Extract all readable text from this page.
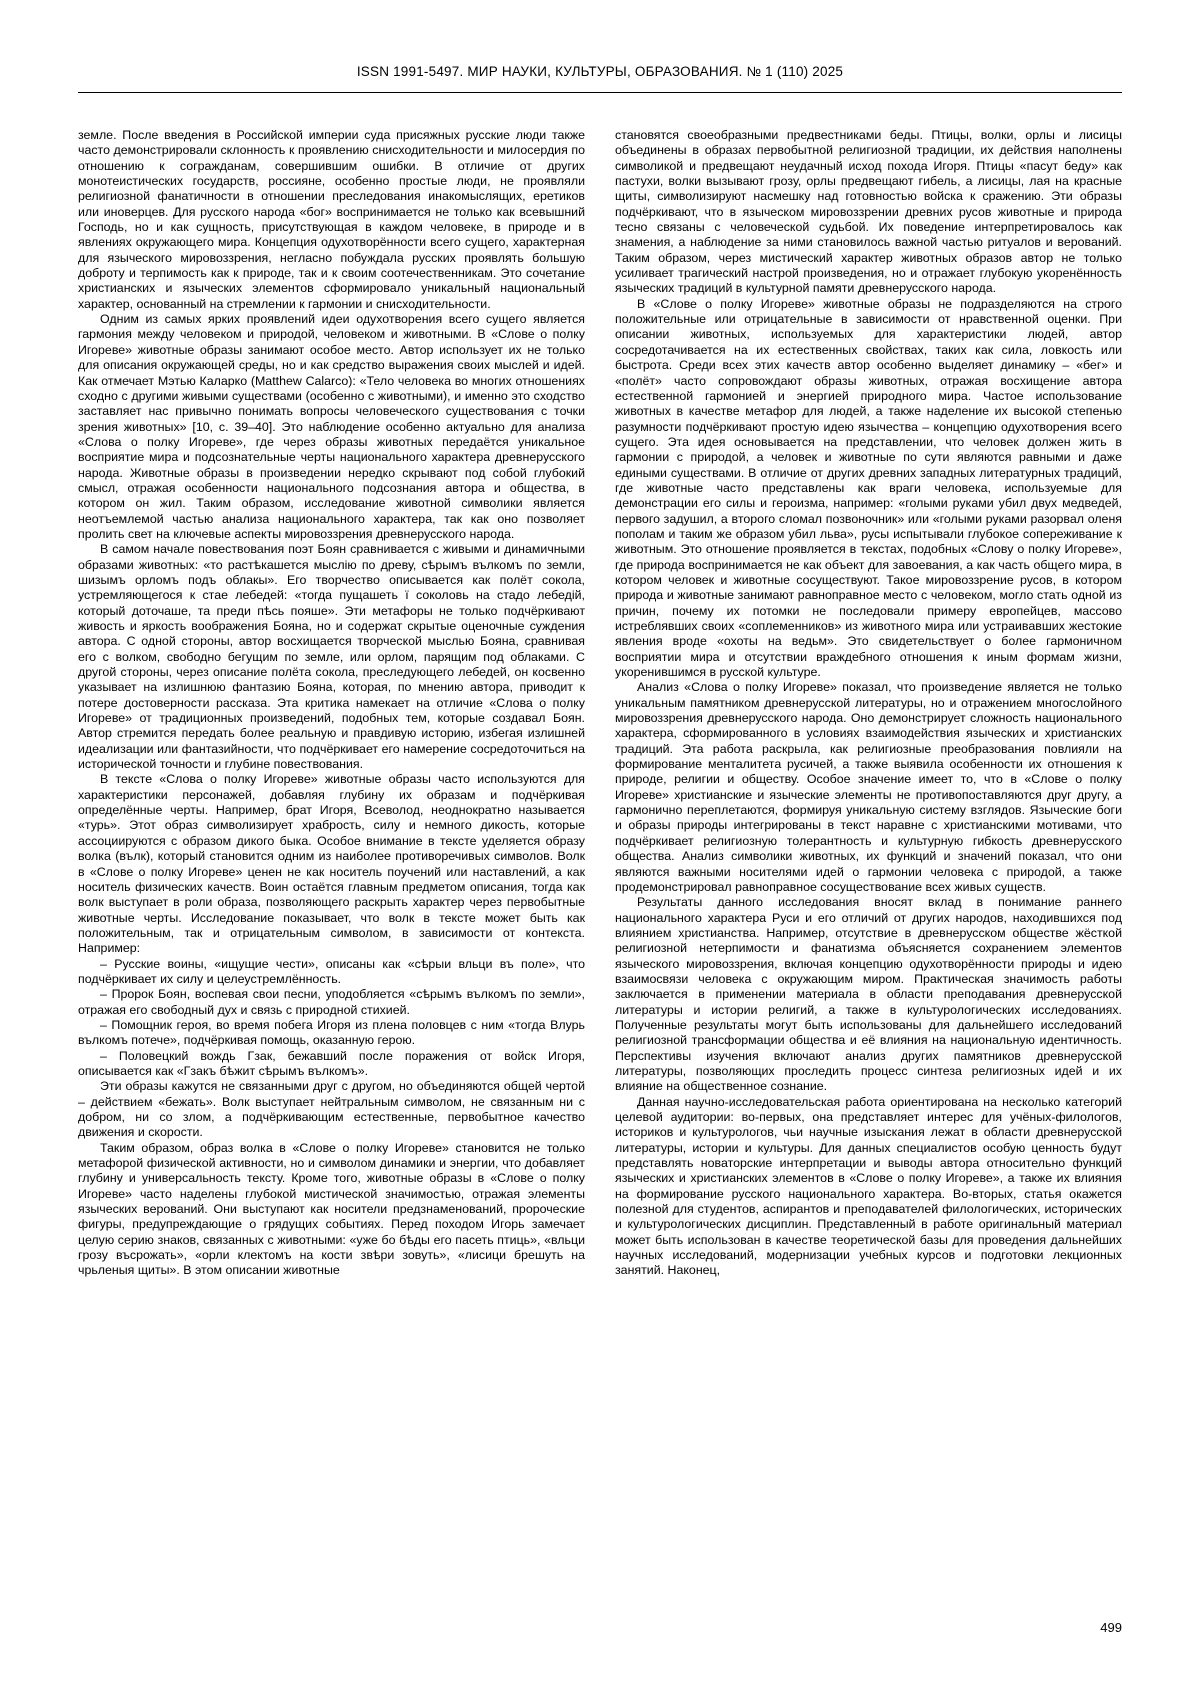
ISSN 1991-5497. МИР НАУКИ, КУЛЬТУРЫ, ОБРАЗОВАНИЯ. № 1 (110) 2025

земле. После введения в Российской империи суда присяжных русские люди также часто демонстрировали склонность к проявлению снисходительности и милосердия по отношению к согражданам, совершившим ошибки. В отличие от других монотеистических государств, россияне, особенно простые люди, не проявляли религиозной фанатичности в отношении преследования инакомыслящих, еретиков или иноверцев. Для русского народа «бог» воспринимается не только как всевышний Господь, но и как сущность, присутствующая в каждом человеке, в природе и в явлениях окружающего мира. Концепция одухотворённости всего сущего, характерная для языческого мировоззрения, негласно побуждала русских проявлять большую доброту и терпимость как к природе, так и к своим соотечественникам. Это сочетание христианских и языческих элементов сформировало уникальный национальный характер, основанный на стремлении к гармонии и снисходительности.

Одним из самых ярких проявлений идеи одухотворения всего сущего является гармония между человеком и природой, человеком и животными. В «Слове о полку Игореве» животные образы занимают особое место. Автор использует их не только для описания окружающей среды, но и как средство выражения своих мыслей и идей. Как отмечает Мэтью Каларко (Matthew Calarco): «Тело человека во многих отношениях сходно с другими живыми существами (особенно с животными), и именно это сходство заставляет нас привычно понимать вопросы человеческого существования с точки зрения животных» [10, с. 39–40]. Это наблюдение особенно актуально для анализа «Слова о полку Игореве», где через образы животных передаётся уникальное восприятие мира и подсознательные черты национального характера древнерусского народа. Животные образы в произведении нередко скрывают под собой глубокий смысл, отражая особенности национального подсознания автора и общества, в котором он жил. Таким образом, исследование животной символики является неотъемлемой частью анализа национального характера, так как оно позволяет пролить свет на ключевые аспекты мировоззрения древнерусского народа.

В самом начале повествования поэт Боян сравнивается с живыми и динамичными образами животных: «то растѣкашется мыслію по древу, сѣрымъ вълкомъ по земли, шизымъ орломъ подъ облакы». Его творчество описывается как полёт сокола, устремляющегося к стае лебедей: «тогда пущашеть ї соколовь на стадо лебедій, который доточаше, та преди пѣсь пояше». Эти метафоры не только подчёркивают живость и яркость воображения Бояна, но и содержат скрытые оценочные суждения автора. С одной стороны, автор восхищается творческой мыслью Бояна, сравнивая его с волком, свободно бегущим по земле, или орлом, парящим под облаками. С другой стороны, через описание полёта сокола, преследующего лебедей, он косвенно указывает на излишнюю фантазию Бояна, которая, по мнению автора, приводит к потере достоверности рассказа. Эта критика намекает на отличие «Слова о полку Игореве» от традиционных произведений, подобных тем, которые создавал Боян. Автор стремится передать более реальную и правдивую историю, избегая излишней идеализации или фантазийности, что подчёркивает его намерение сосредоточиться на исторической точности и глубине повествования.

В тексте «Слова о полку Игореве» животные образы часто используются для характеристики персонажей, добавляя глубину их образам и подчёркивая определённые черты. Например, брат Игоря, Всеволод, неоднократно называется «турь». Этот образ символизирует храбрость, силу и немного дикость, которые ассоциируются с образом дикого быка. Особое внимание в тексте уделяется образу волка (вълк), который становится одним из наиболее противоречивых символов. Волк в «Слове о полку Игореве» ценен не как носитель поучений или наставлений, а как носитель физических качеств. Воин остаётся главным предметом описания, тогда как волк выступает в роли образа, позволяющего раскрыть характер через первобытные животные черты. Исследование показывает, что волк в тексте может быть как положительным, так и отрицательным символом, в зависимости от контекста. Например:

– Русские воины, «ищущие чести», описаны как «сѣрыи вльци въ поле», что подчёркивает их силу и целеустремлённость.

– Пророк Боян, воспевая свои песни, уподобляется «сѣрымъ вълкомъ по земли», отражая его свободный дух и связь с природной стихией.

– Помощник героя, во время побега Игоря из плена половцев с ним «тогда Влурь вълкомъ потече», подчёркивая помощь, оказанную герою.

– Половецкий вождь Гзак, бежавший после поражения от войск Игоря, описывается как «Гзакъ бѣжит сѣрымъ вълкомъ».

Эти образы кажутся не связанными друг с другом, но объединяются общей чертой – действием «бежать». Волк выступает нейтральным символом, не связанным ни с добром, ни со злом, а подчёркивающим естественные, первобытное качество движения и скорости.

Таким образом, образ волка в «Слове о полку Игореве» становится не только метафорой физической активности, но и символом динамики и энергии, что добавляет глубину и универсальность тексту. Кроме того, животные образы в «Слове о полку Игореве» часто наделены глубокой мистической значимостью, отражая элементы языческих верований. Они выступают как носители предзнаменований, пророческие фигуры, предупреждающие о грядущих событиях. Перед походом Игорь замечает целую серию знаков, связанных с животными: «уже бо бѣды его пасеть птиць», «вльци грозу въсрожать», «орли клектомъ на кости звѣри зовуть», «лисици брешуть на чрьленыя щиты». В этом описании животные

становятся своеобразными предвестниками беды. Птицы, волки, орлы и лисицы объединены в образах первобытной религиозной традиции, их действия наполнены символикой и предвещают неудачный исход похода Игоря. Птицы «пасут беду» как пастухи, волки вызывают грозу, орлы предвещают гибель, а лисицы, лая на красные щиты, символизируют насмешку над готовностью войска к сражению. Эти образы подчёркивают, что в языческом мировоззрении древних русов животные и природа тесно связаны с человеческой судьбой. Их поведение интерпретировалось как знамения, а наблюдение за ними становилось важной частью ритуалов и верований. Таким образом, через мистический характер животных образов автор не только усиливает трагический настрой произведения, но и отражает глубокую укоренённость языческих традиций в культурной памяти древнерусского народа.

В «Слове о полку Игореве» животные образы не подразделяются на строго положительные или отрицательные в зависимости от нравственной оценки. При описании животных, используемых для характеристики людей, автор сосредотачивается на их естественных свойствах, таких как сила, ловкость или быстрота. Среди всех этих качеств автор особенно выделяет динамику – «бег» и «полёт» часто сопровождают образы животных, отражая восхищение автора естественной гармонией и энергией природного мира. Частое использование животных в качестве метафор для людей, а также наделение их высокой степенью разумности подчёркивают простую идею язычества – концепцию одухотворения всего сущего. Эта идея основывается на представлении, что человек должен жить в гармонии с природой, а человек и животные по сути являются равными и даже едиными существами. В отличие от других древних западных литературных традиций, где животные часто представлены как враги человека, используемые для демонстрации его силы и героизма, например: «голыми руками убил двух медведей, первого задушил, а второго сломал позвоночник» или «голыми руками разорвал оленя пополам и таким же образом убил льва», русы испытывали глубокое сопереживание к животным. Это отношение проявляется в текстах, подобных «Слову о полку Игореве», где природа воспринимается не как объект для завоевания, а как часть общего мира, в котором человек и животные сосуществуют. Такое мировоззрение русов, в котором природа и животные занимают равноправное место с человеком, могло стать одной из причин, почему их потомки не последовали примеру европейцев, массово истреблявших своих «соплеменников» из животного мира или устраивавших жестокие явления вроде «охоты на ведьм». Это свидетельствует о более гармоничном восприятии мира и отсутствии враждебного отношения к иным формам жизни, укоренившимся в русской культуре.

Анализ «Слова о полку Игореве» показал, что произведение является не только уникальным памятником древнерусской литературы, но и отражением многослойного мировоззрения древнерусского народа. Оно демонстрирует сложность национального характера, сформированного в условиях взаимодействия языческих и христианских традиций. Эта работа раскрыла, как религиозные преобразования повлияли на формирование менталитета русичей, а также выявила особенности их отношения к природе, религии и обществу. Особое значение имеет то, что в «Слове о полку Игореве» христианские и языческие элементы не противопоставляются друг другу, а гармонично переплетаются, формируя уникальную систему взглядов. Языческие боги и образы природы интегрированы в текст наравне с христианскими мотивами, что подчёркивает религиозную толерантность и культурную гибкость древнерусского общества. Анализ символики животных, их функций и значений показал, что они являются важными носителями идей о гармонии человека с природой, а также продемонстрировал равноправное сосуществование всех живых существ.

Результаты данного исследования вносят вклад в понимание раннего национального характера Руси и его отличий от других народов, находившихся под влиянием христианства. Например, отсутствие в древнерусском обществе жёсткой религиозной нетерпимости и фанатизма объясняется сохранением элементов языческого мировоззрения, включая концепцию одухотворённости природы и идею взаимосвязи человека с окружающим миром. Практическая значимость работы заключается в применении материала в области преподавания древнерусской литературы и истории религий, а также в культурологических исследованиях. Полученные результаты могут быть использованы для дальнейшего исследований религиозной трансформации общества и её влияния на национальную идентичность. Перспективы изучения включают анализ других памятников древнерусской литературы, позволяющих проследить процесс синтеза религиозных идей и их влияние на общественное сознание.

Данная научно-исследовательская работа ориентирована на несколько категорий целевой аудитории: во-первых, она представляет интерес для учёных-филологов, историков и культурологов, чьи научные изыскания лежат в области древнерусской литературы, истории и культуры. Для данных специалистов особую ценность будут представлять новаторские интерпретации и выводы автора относительно функций языческих и христианских элементов в «Слове о полку Игореве», а также их влияния на формирование русского национального характера. Во-вторых, статья окажется полезной для студентов, аспирантов и преподавателей филологических, исторических и культурологических дисциплин. Представленный в работе оригинальный материал может быть использован в качестве теоретической базы для проведения дальнейших научных исследований, модернизации учебных курсов и подготовки лекционных занятий. Наконец,

499
